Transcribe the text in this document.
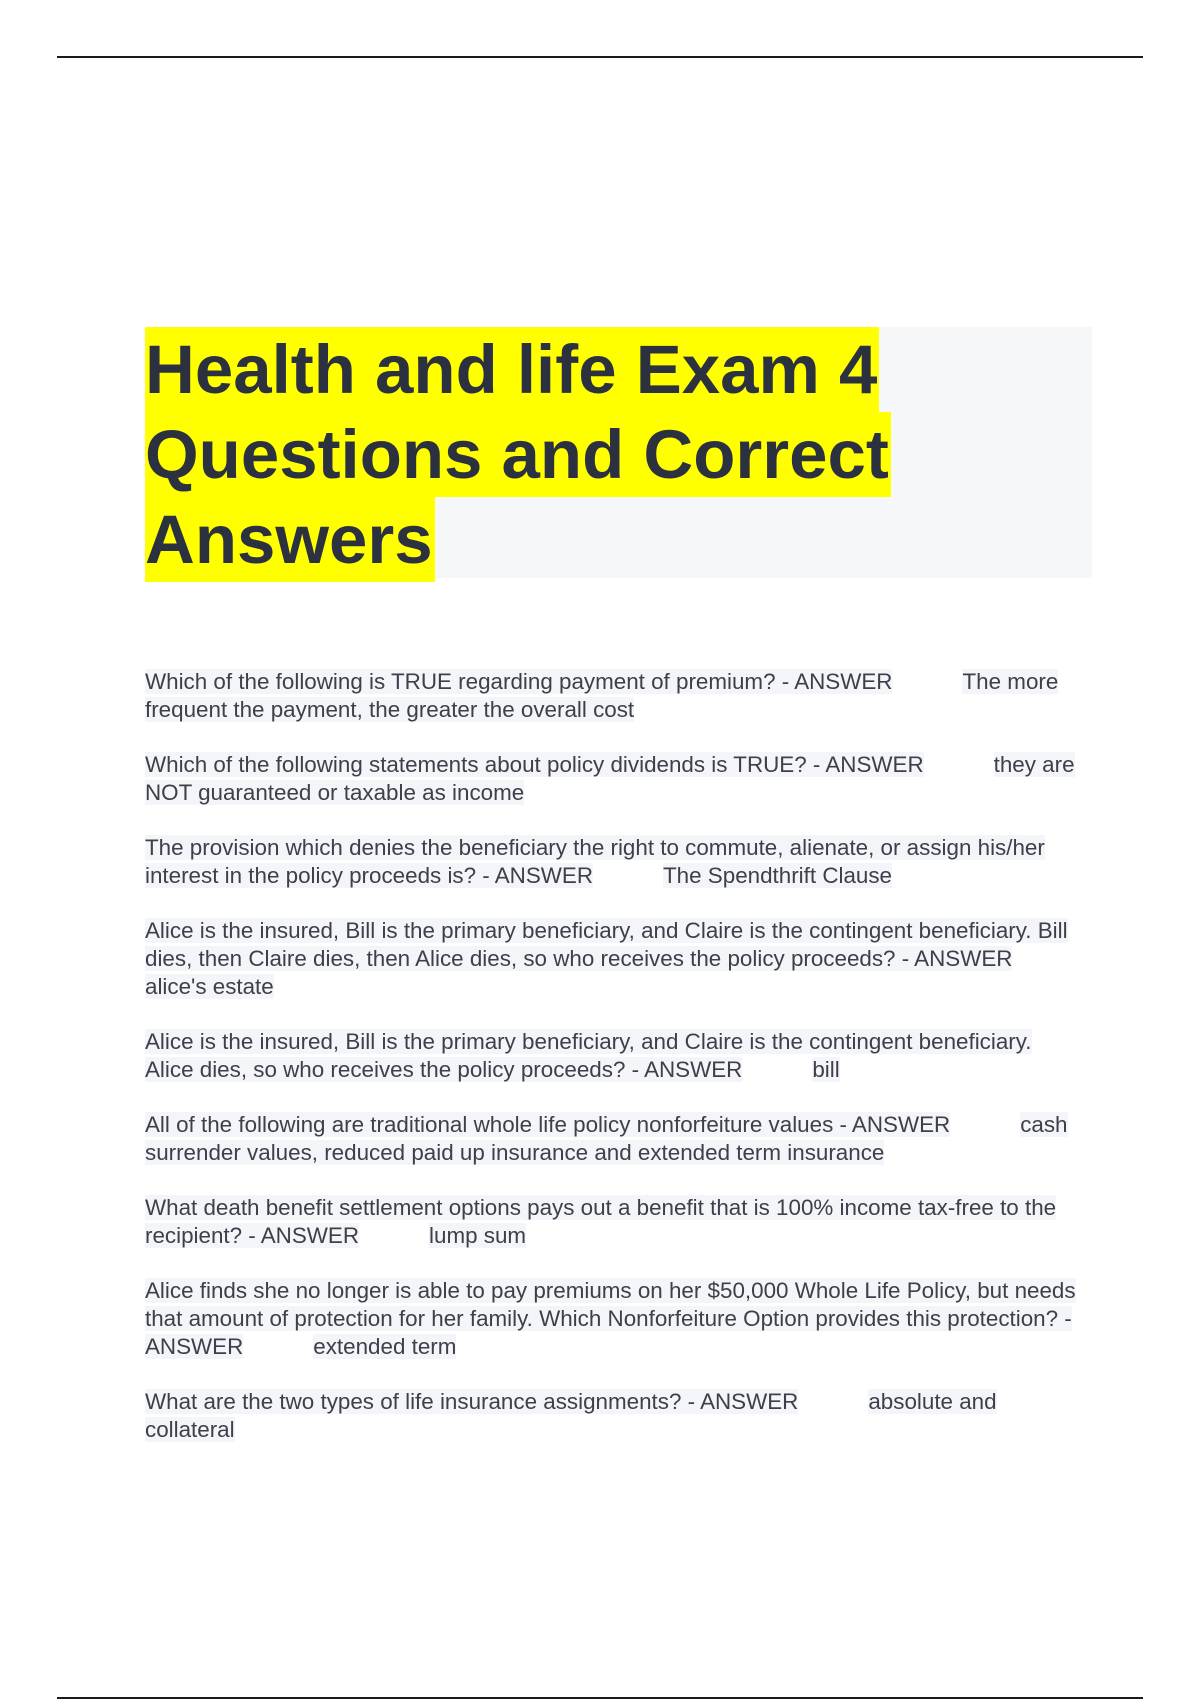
Health and life Exam 4
Questions and Correct
Answers

Which of the following is TRUE regarding payment of premium? - ANSWER	The more frequent the payment, the greater the overall cost

Which of the following statements about policy dividends is TRUE? - ANSWER	they are NOT guaranteed or taxable as income

The provision which denies the beneficiary the right to commute, alienate, or assign his/her interest in the policy proceeds is? - ANSWER	The Spendthrift Clause

Alice is the insured, Bill is the primary beneficiary, and Claire is the contingent beneficiary. Bill dies, then Claire dies, then Alice dies, so who receives the policy proceeds? - ANSWERalice's estate

Alice is the insured, Bill is the primary beneficiary, and Claire is the contingent beneficiary. Alice dies, so who receives the policy proceeds? - ANSWER	bill

All of the following are traditional whole life policy nonforfeiture values - ANSWER	cash surrender values, reduced paid up insurance and extended term insurance

What death benefit settlement options pays out a benefit that is 100% income tax-free to the recipient? - ANSWER	lump sum

Alice finds she no longer is able to pay premiums on her $50,000 Whole Life Policy, but needs that amount of protection for her family. Which Nonforfeiture Option provides this protection? - ANSWER	extended term

What are the two types of life insurance assignments? - ANSWER	absolute and collateral
